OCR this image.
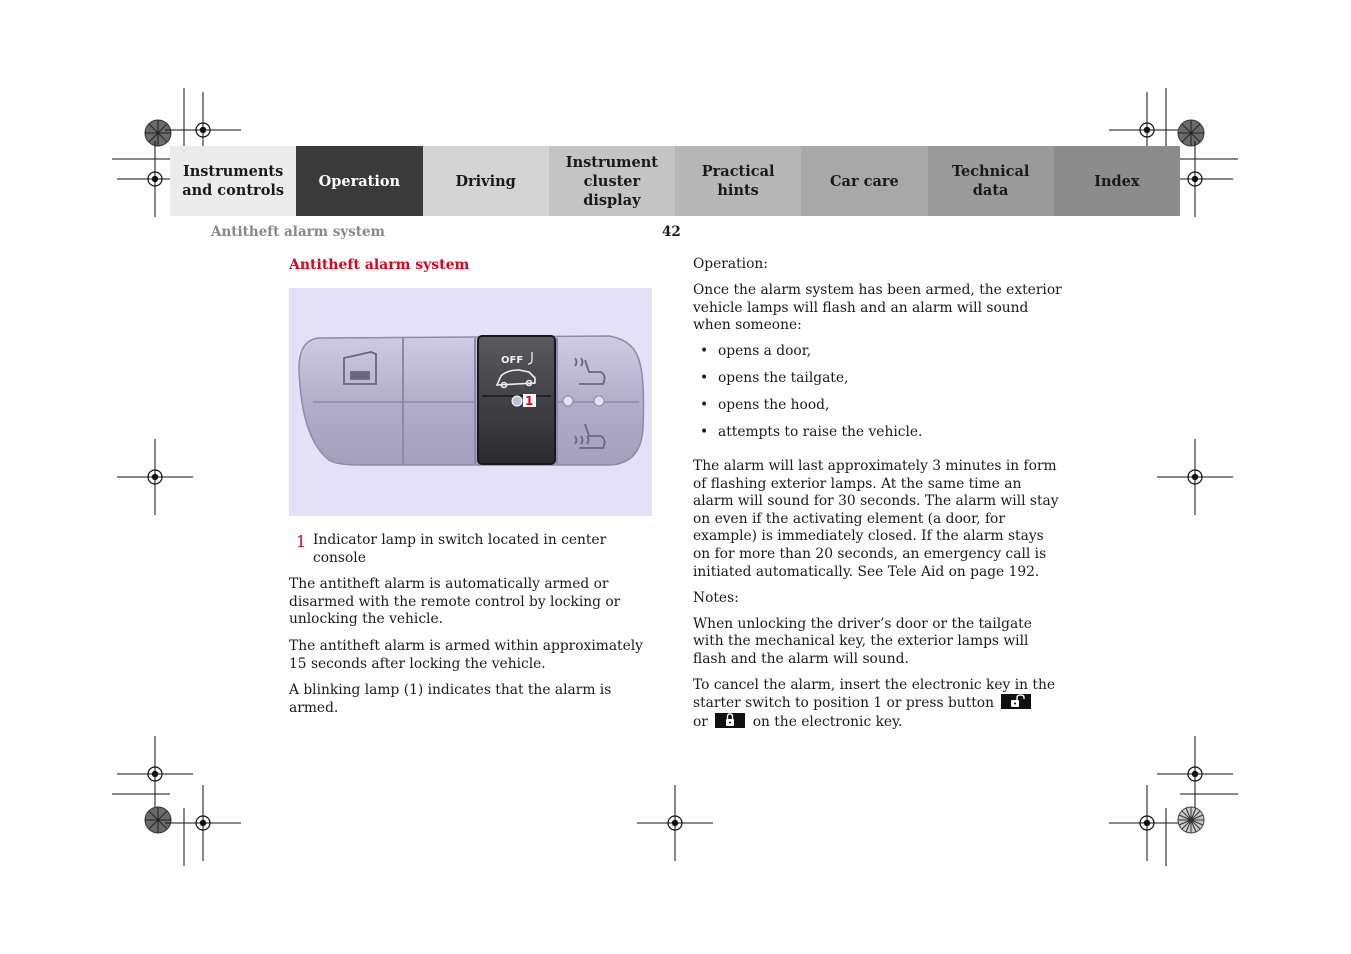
Instruments
and controls
Operation	Driving
Instrument
cluster display
Practical hints
Car care
Technical
data
Index
Antitheft alarm system	42
Antitheft alarm system
OFF
1
1 Indicator lamp in switch located in center console

The antitheft alarm is automatically armed or disarmed with the remote control by locking or unlocking the vehicle.

The antitheft alarm is armed within approximately 15 seconds after locking the vehicle.

A blinking lamp (1) indicates that the alarm is armed.

Operation:

Once the alarm system has been armed, the exterior vehicle lamps will flash and an alarm will sound when someone:

• opens a door,
• opens the tailgate,
• opens the hood,
• attempts to raise the vehicle.

The alarm will last approximately 3 minutes in form of flashing exterior lamps. At the same time an alarm will sound for 30 seconds. The alarm will stay on even if the activating element (a door, for example) is immediately closed. If the alarm stays on for more than 20 seconds, an emergency call is initiated automatically. See Tele Aid on page 192.

Notes:

When unlocking the driver’s door or the tailgate with the mechanical key, the exterior lamps will flash and the alarm will sound.

To cancel the alarm, insert the electronic key in the starter switch to position 1 or press button

or	on the electronic key.
